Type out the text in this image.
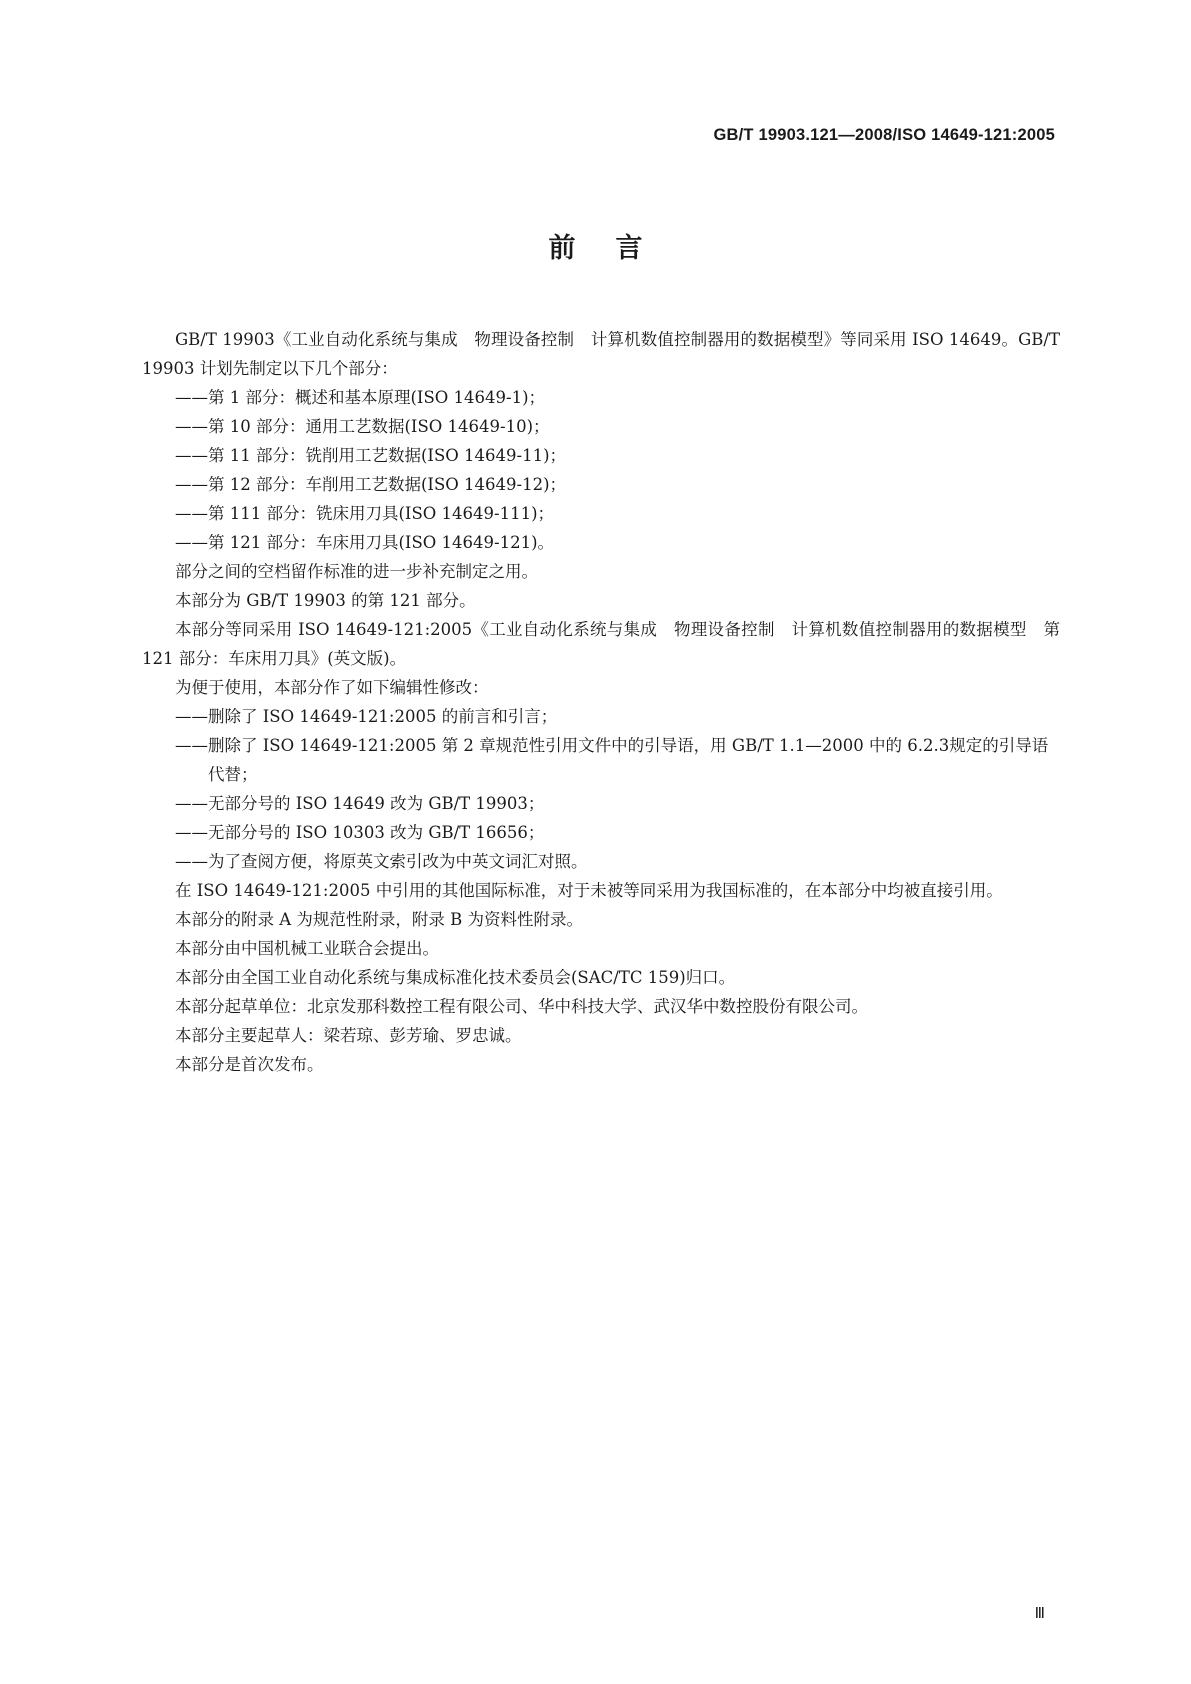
GB/T 19903.121—2008/ISO 14649-121:2005
前言

GB/T 19903《工业自动化系统与集成　物理设备控制　计算机数值控制器用的数据模型》等同采用 ISO 14649。GB/T 19903 计划先制定以下几个部分：

——第 1 部分：概述和基本原理(ISO 14649-1)；

——第 10 部分：通用工艺数据(ISO 14649-10)；

——第 11 部分：铣削用工艺数据(ISO 14649-11)；

——第 12 部分：车削用工艺数据(ISO 14649-12)；

——第 111 部分：铣床用刀具(ISO 14649-111)；

——第 121 部分：车床用刀具(ISO 14649-121)。

部分之间的空档留作标准的进一步补充制定之用。

本部分为 GB/T 19903 的第 121 部分。

本部分等同采用 ISO 14649-121:2005《工业自动化系统与集成　物理设备控制　计算机数值控制器用的数据模型　第 121 部分：车床用刀具》(英文版)。

为便于使用，本部分作了如下编辑性修改：

——删除了 ISO 14649-121:2005 的前言和引言；

——删除了 ISO 14649-121:2005 第 2 章规范性引用文件中的引导语，用 GB/T 1.1—2000 中的 6.2.3规定的引导语代替；

——无部分号的 ISO 14649 改为 GB/T 19903；

——无部分号的 ISO 10303 改为 GB/T 16656；

——为了查阅方便，将原英文索引改为中英文词汇对照。

在 ISO 14649-121:2005 中引用的其他国际标准，对于未被等同采用为我国标准的，在本部分中均被直接引用。

本部分的附录 A 为规范性附录，附录 B 为资料性附录。

本部分由中国机械工业联合会提出。

本部分由全国工业自动化系统与集成标准化技术委员会(SAC/TC 159)归口。

本部分起草单位：北京发那科数控工程有限公司、华中科技大学、武汉华中数控股份有限公司。

本部分主要起草人：梁若琼、彭芳瑜、罗忠诚。

本部分是首次发布。

Ⅲ
